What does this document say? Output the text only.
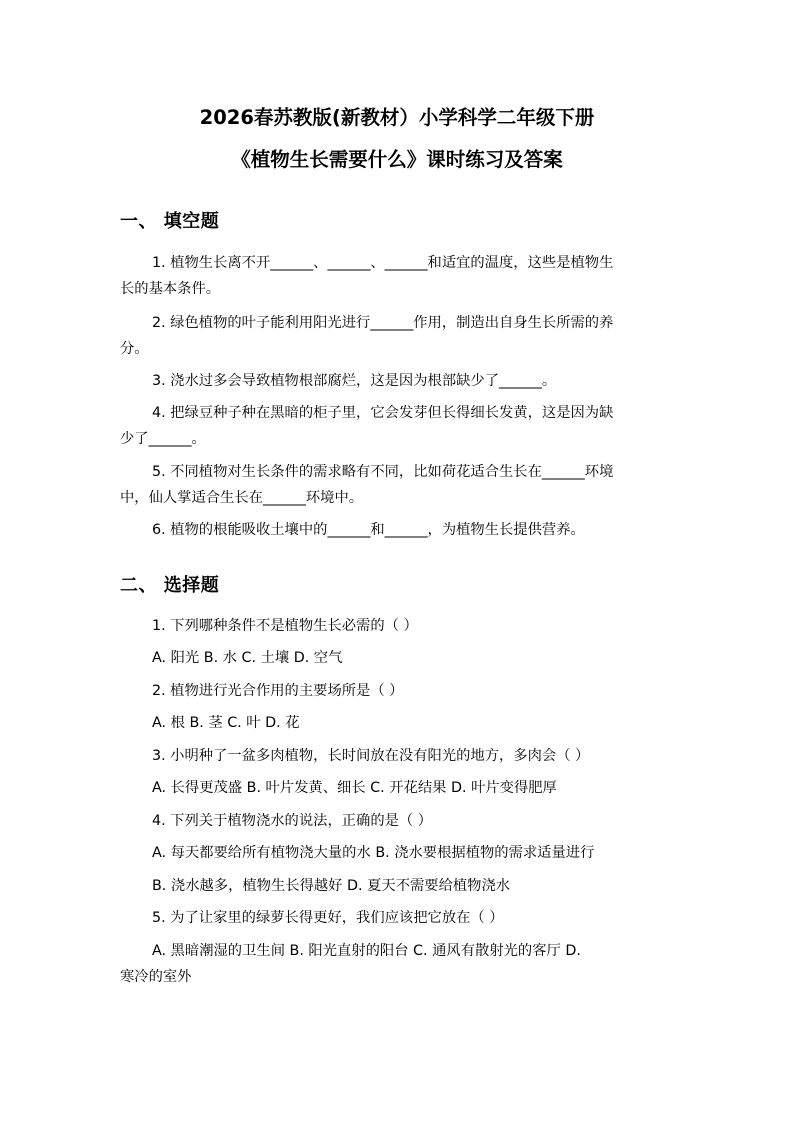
2026春苏教版(新教材）小学科学二年级下册
《植物生长需要什么》课时练习及答案
一、 填空题
1. 植物生长离不开______、______、______和适宜的温度，这些是植物生
长的基本条件。
2. 绿色植物的叶子能利用阳光进行______作用，制造出自身生长所需的养
分。
3. 浇水过多会导致植物根部腐烂，这是因为根部缺少了______。
4. 把绿豆种子种在黑暗的柜子里，它会发芽但长得细长发黄，这是因为缺
少了______。
5. 不同植物对生长条件的需求略有不同，比如荷花适合生长在______环境
中，仙人掌适合生长在______环境中。
6. 植物的根能吸收土壤中的______和______，为植物生长提供营养。
二、 选择题
1. 下列哪种条件不是植物生长必需的（ ）
A. 阳光 B. 水 C. 土壤 D. 空气
2. 植物进行光合作用的主要场所是（ ）
A. 根 B. 茎 C. 叶 D. 花
3. 小明种了一盆多肉植物，长时间放在没有阳光的地方，多肉会（ ）
A. 长得更茂盛 B. 叶片发黄、细长 C. 开花结果 D. 叶片变得肥厚
4. 下列关于植物浇水的说法，正确的是（ ）
A. 每天都要给所有植物浇大量的水 B. 浇水要根据植物的需求适量进行
B. 浇水越多，植物生长得越好 D. 夏天不需要给植物浇水
5. 为了让家里的绿萝长得更好，我们应该把它放在（ ）
A. 黑暗潮湿的卫生间 B. 阳光直射的阳台 C. 通风有散射光的客厅 D.
寒冷的室外
